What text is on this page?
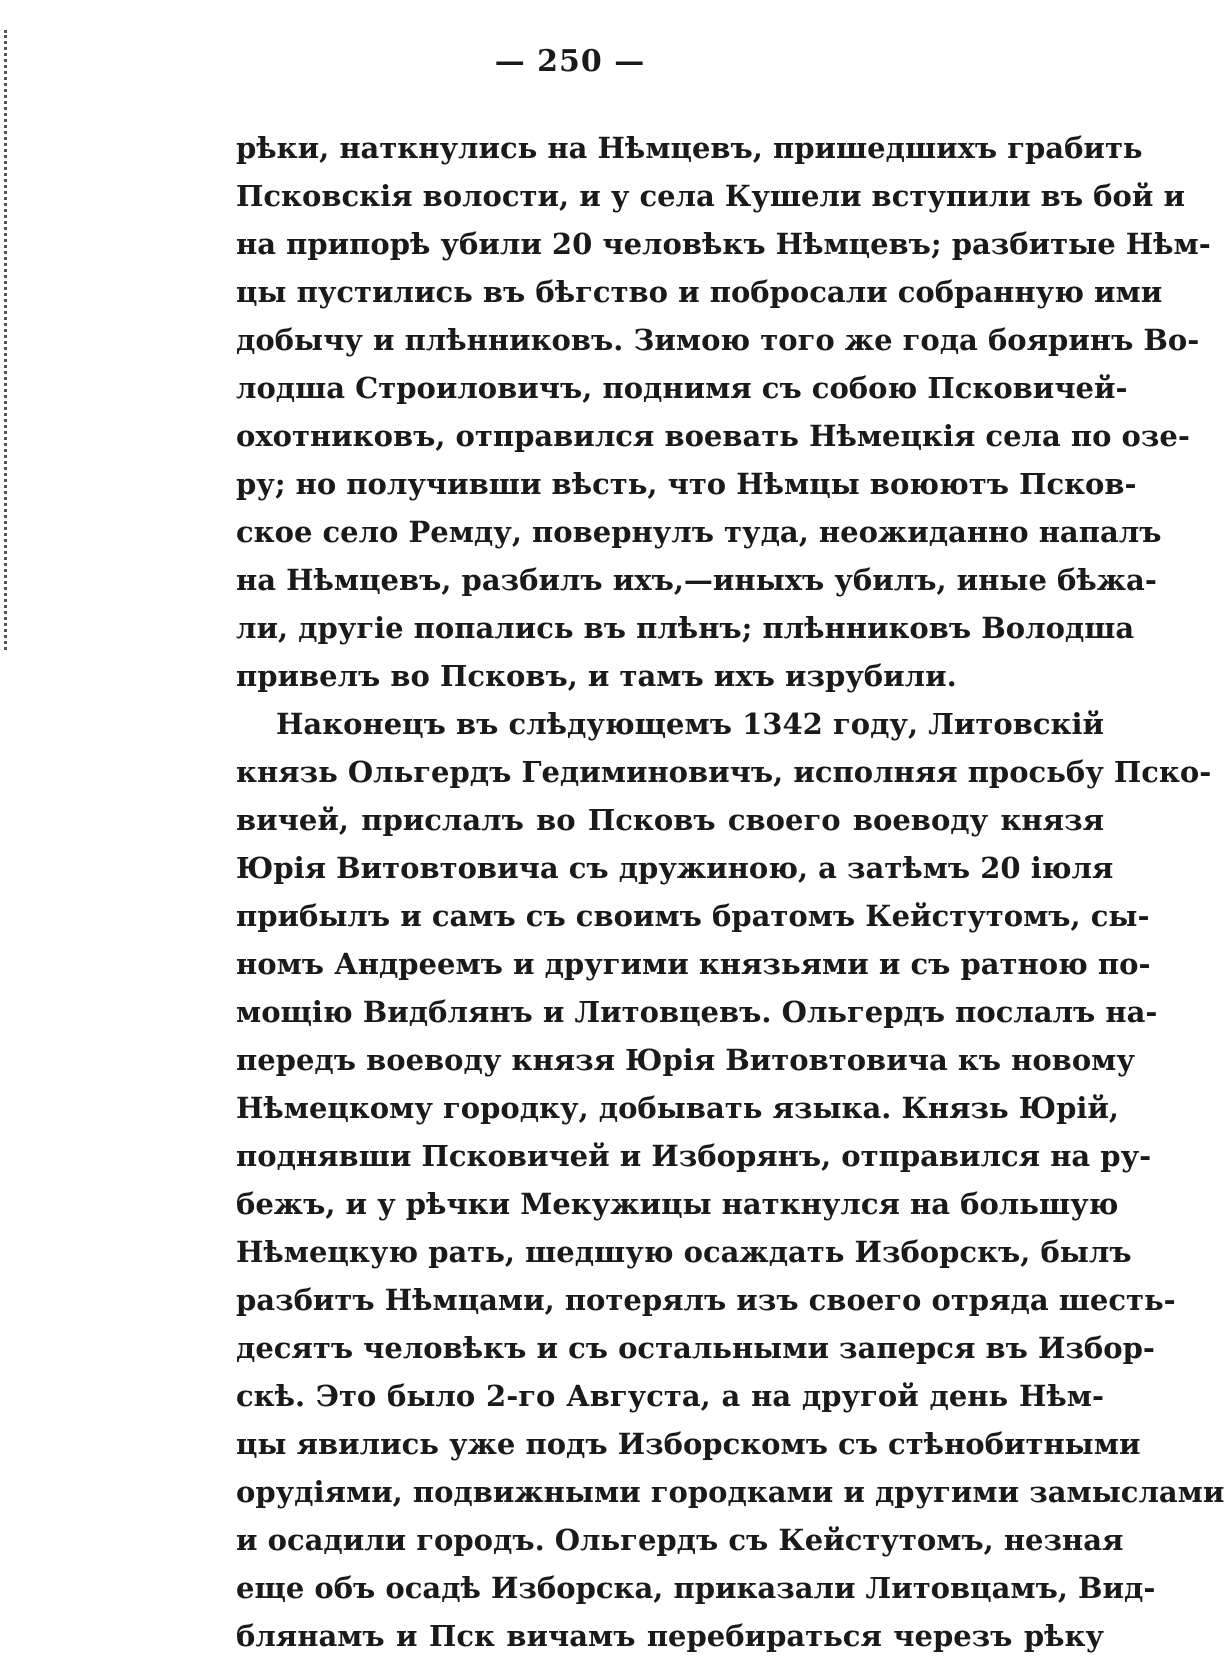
— 250 —
рѣки, наткнулись на Нѣмцевъ, пришедшихъ грабить
Псковскія волости, и у села Кушели вступили въ бой и
на припорѣ убили 20 человѣкъ Нѣмцевъ; разбитые Нѣм-
цы пустились въ бѣгство и побросали собранную ими
добычу и плѣнниковъ. Зимою того же года бояринъ Во-
лодша Строиловичъ, поднимя съ собою Псковичей-
охотниковъ, отправился воевать Нѣмецкія села по озе-
ру; но получивши вѣсть, что Нѣмцы воюютъ Псков-
ское село Ремду, повернулъ туда, неожиданно напалъ
на Нѣмцевъ, разбилъ ихъ,—иныхъ убилъ, иные бѣжа-
ли, другіе попались въ плѣнъ; плѣнниковъ Володша
привелъ во Псковъ, и тамъ ихъ изрубили.
Наконецъ въ слѣдующемъ 1342 году, Литовскій
князь Ольгердъ Гедиминовичъ, исполняя просьбу Пско-
вичей, прислалъ во Псковъ своего воеводу князя
Юрія Витовтовича съ дружиною, а затѣмъ 20 іюля
прибылъ и самъ съ своимъ братомъ Кейстутомъ, сы-
номъ Андреемъ и другими князьями и съ ратною по-
мощію Видблянъ и Литовцевъ. Ольгердъ послалъ на-
передъ воеводу князя Юрія Витовтовича къ новому
Нѣмецкому городку, добывать языка. Князь Юрій,
поднявши Псковичей и Изборянъ, отправился на ру-
бежъ, и у рѣчки Мекужицы наткнулся на большую
Нѣмецкую рать, шедшую осаждать Изборскъ, былъ
разбитъ Нѣмцами, потерялъ изъ своего отряда шесть-
десятъ человѣкъ и съ остальными заперся въ Избор-
скѣ. Это было 2-го Августа, а на другой день Нѣм-
цы явились уже подъ Изборскомъ съ стѣнобитными
орудіями, подвижными городками и другими замыслами
и осадили городъ. Ольгердъ съ Кейстутомъ, незная
еще объ осадѣ Изборска, приказали Литовцамъ, Вид-
блянамъ и Пск вичамъ перебираться черезъ рѣку
